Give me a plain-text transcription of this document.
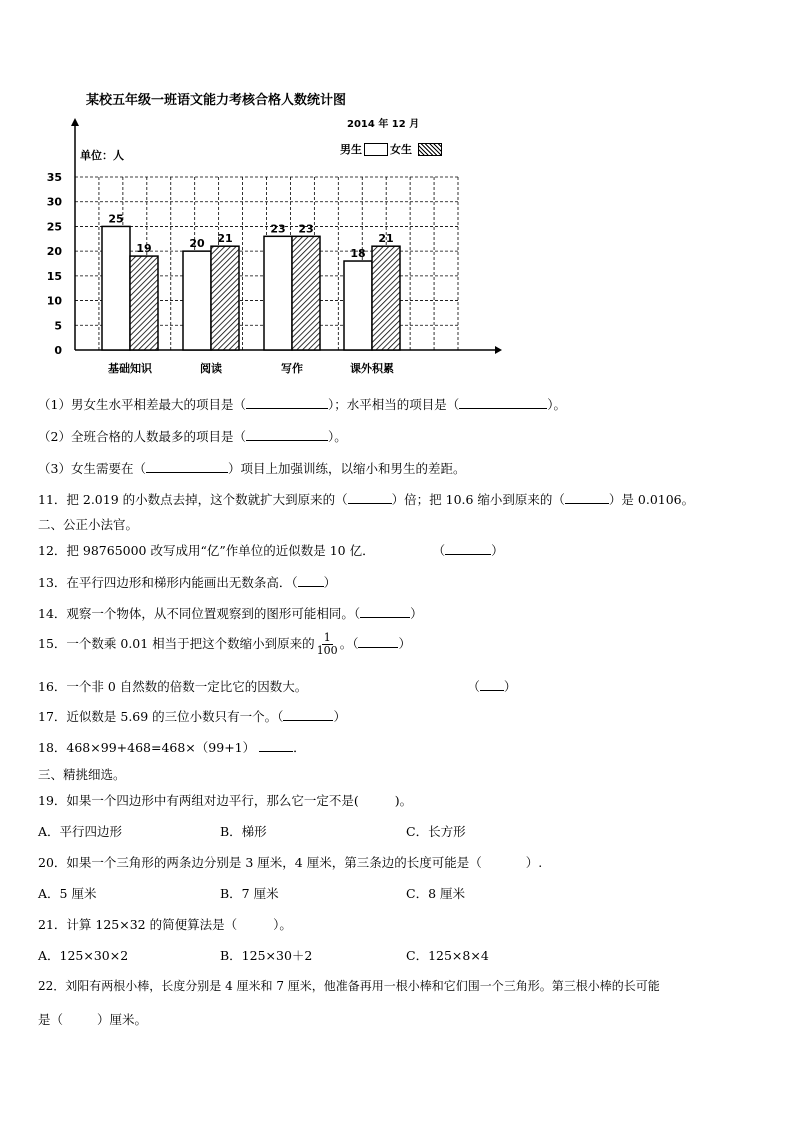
0
5
10
15
20
25
30
35
25
19
基础知识
20 21
阅读
23 23
写作
18
21
课外积累
某校五年级一班语文能力考核合格人数统计图
2014 年 12 月
单位：人	男生	女生
（1）男女生水平相差最大的项目是（	）；水平相当的项目是（	）。
（2）全班合格的人数最多的项目是（	）。
（3）女生需要在（	）项目上加强训练，以缩小和男生的差距。
11．把 2.019 的小数点去掉，这个数就扩大到原来的（	）倍；把 10.6 缩小到原来的（	）是 0.0106。
二、公正小法官。
12．把 98765000 改写成用“亿”作单位的近似数是 10 亿．	（	）
13．在平行四边形和梯形内能画出无数条高．（ ）
14．观察一个物体，从不同位置观察到的图形可能相同。（	）
15．一个数乘 0.01 相当于把这个数缩小到原来的 $\frac{1}{100}$ 。（	）
16．一个非 0 自然数的倍数一定比它的因数大。	（ ）
17．近似数是 5.69 的三位小数只有一个。（	）
18．468×99+468=468×（99+1）	．
三、精挑细选。
19．如果一个四边形中有两组对边平行，那么它一定不是(	)。
A．平行四边形	B．梯形	C．长方形
20．如果一个三角形的两条边分别是 3 厘米，4 厘米，第三条边的长度可能是（	）.
A．5 厘米	B．7 厘米	C．8 厘米
21．计算 125×32 的简便算法是（	）。
A．125×30×2	B．125×30＋2	C．125×8×4
22．刘阳有两根小棒，长度分别是 4 厘米和 7 厘米，他准备再用一根小棒和它们围一个三角形。第三根小棒的长可能
是（	）厘米。
